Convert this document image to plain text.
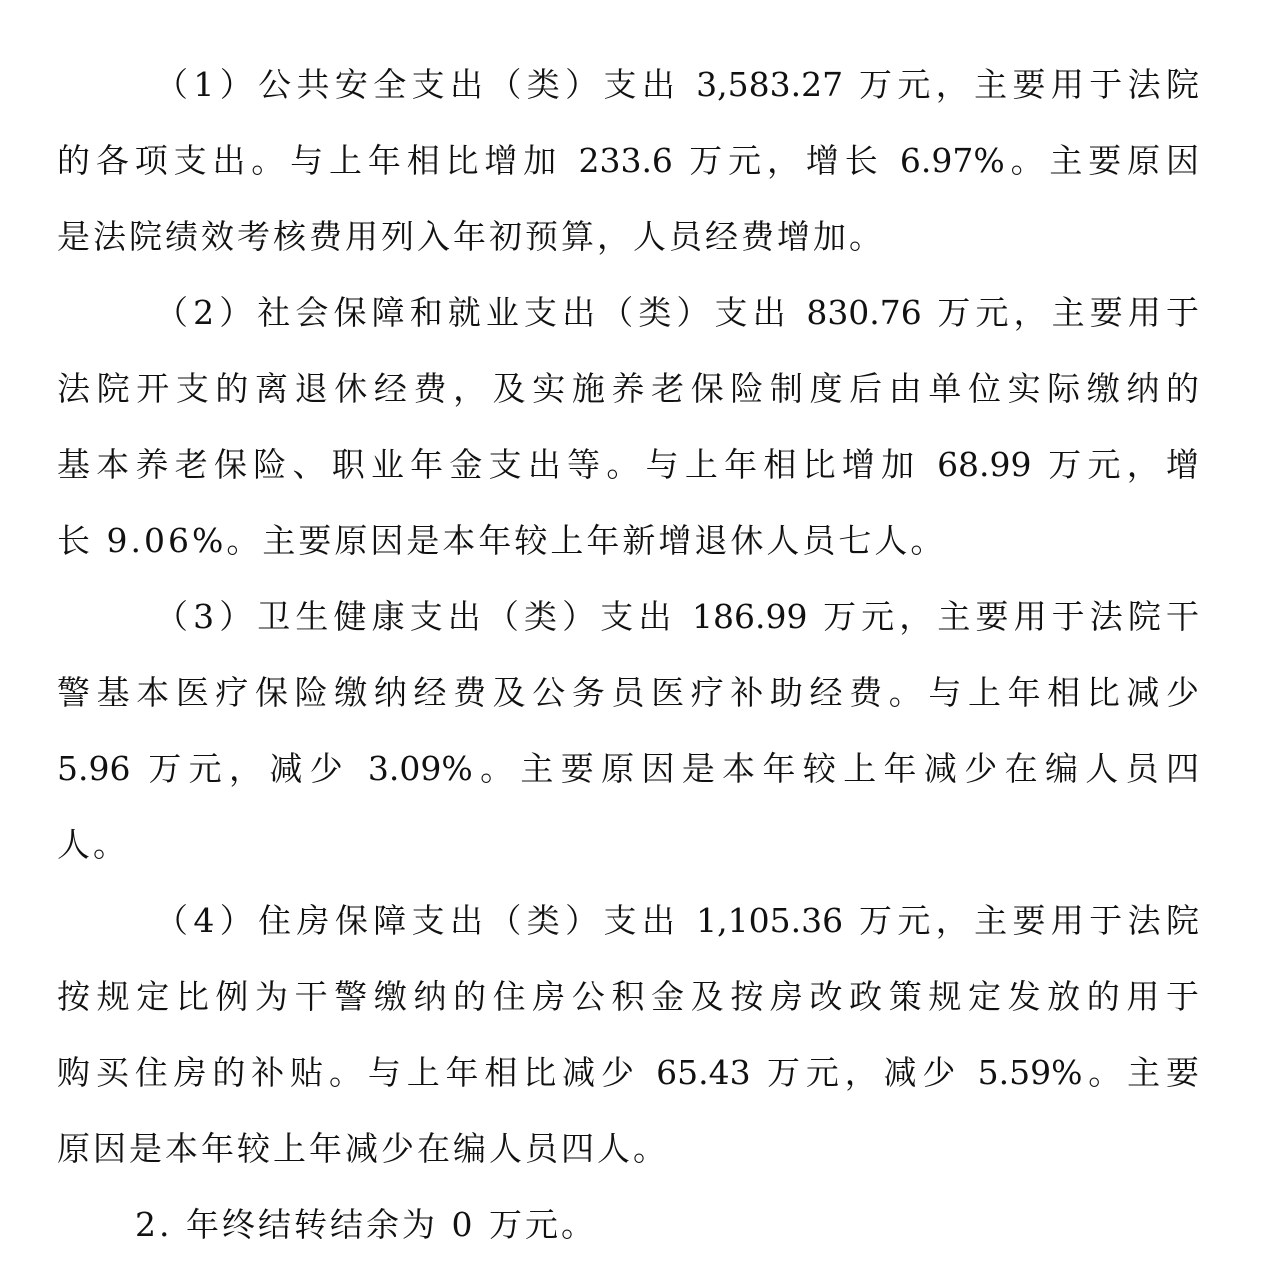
（1）公共安全支出（类）支出 3,583.27 万元，主要用于法院
的各项支出。与上年相比增加 233.6 万元，增长 6.97%。主要原因
是法院绩效考核费用列入年初预算，人员经费增加。
（2）社会保障和就业支出（类）支出 830.76 万元，主要用于
法院开支的离退休经费，及实施养老保险制度后由单位实际缴纳的
基本养老保险、职业年金支出等。与上年相比增加 68.99 万元，增
长 9.06%。主要原因是本年较上年新增退休人员七人。
（3）卫生健康支出（类）支出 186.99 万元，主要用于法院干
警基本医疗保险缴纳经费及公务员医疗补助经费。与上年相比减少
5.96 万元，减少 3.09%。主要原因是本年较上年减少在编人员四
人。
（4）住房保障支出（类）支出 1,105.36 万元，主要用于法院
按规定比例为干警缴纳的住房公积金及按房改政策规定发放的用于
购买住房的补贴。与上年相比减少 65.43 万元，减少 5.59%。主要
原因是本年较上年减少在编人员四人。
2. 年终结转结余为 0 万元。
